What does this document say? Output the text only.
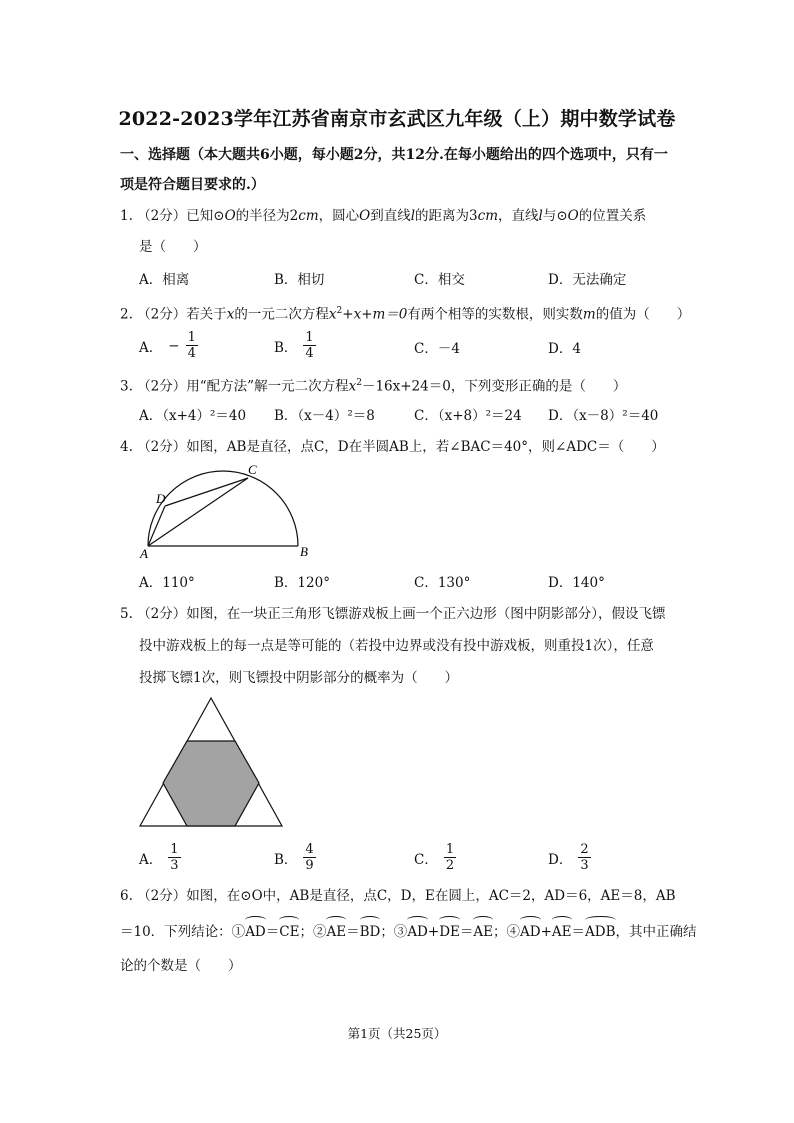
2022-2023学年江苏省南京市玄武区九年级（上）期中数学试卷
一、选择题（本大题共6小题，每小题2分，共12分.在每小题给出的四个选项中，只有一
项是符合题目要求的.）
1. （2分）已知⊙O的半径为2cm，圆心O到直线l的距离为3cm，直线l与⊙O的位置关系
是（　　）
A．相离	B．相切	C．相交	D．无法确定
2. （2分）若关于x的一元二次方程$x^2+x+m=0$有两个相等的实数根，则实数m的值为（　　）
A． − $\frac{1}{4}$	B． $\frac{1}{4}$	C．－4	D．4
3. （2分）用“配方法”解一元二次方程$x^2-16x+24=0$，下列变形正确的是（　　）
A．（x+4）²＝40 B．（x－4）²＝8	C．（x+8）²＝24 D．（x－8）²＝40
4. （2分）如图，AB是直径，点C，D在半圆AB上，若∠BAC＝40°，则∠ADC＝（　　）
A	B
C
D
A．110°	B．120°	C．130°	D．140°
5. （2分）如图，在一块正三角形飞镖游戏板上画一个正六边形（图中阴影部分），假设飞镖
投中游戏板上的每一点是等可能的（若投中边界或没有投中游戏板，则重投1次），任意
投掷飞镖1次，则飞镖投中阴影部分的概率为（　　）
A． $\frac{1}{3}$	B． $\frac{4}{9}$	C． $\frac{1}{2}$	D． $\frac{2}{3}$
6. （2分）如图，在⊙O中，AB是直径，点C，D，E在圆上，AC＝2，AD＝6，AE＝8，AB
＝10．下列结论：①AD＝CE；②AE＝BD；③AD+DE＝AE；④AD+AE＝ADB，其中正确结
论的个数是（　　）
第1页（共25页）
